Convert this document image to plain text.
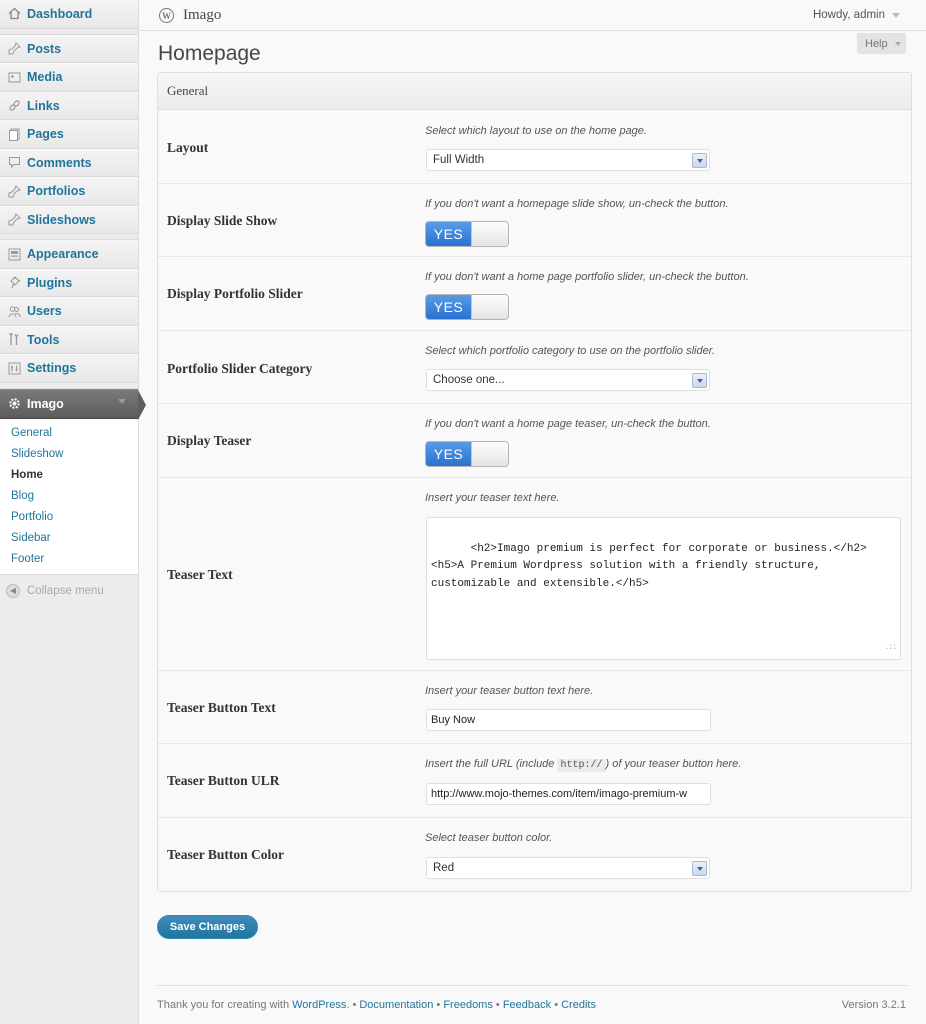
Dashboard
Posts
Media
Links
Pages
Comments
Portfolios
Slideshows
Appearance
Plugins
Users
Tools
Settings
Imago
General
Slideshow
Home
Blog
Portfolio
Sidebar
Footer
◀ Collapse menu
W Imago	Howdy, admin
Help
Homepage
General
Layout
Select which layout to use on the home page.
Full Width
Display Slide Show
If you don't want a homepage slide show, un-check the button.
YES
Display Portfolio Slider
If you don't want a home page portfolio slider, un-check the button.
YES
Portfolio Slider Category
Select which portfolio category to use on the portfolio slider.
Choose one...
Display Teaser
If you don't want a home page teaser, un-check the button.
YES
Teaser Text
Insert your teaser text here.

<h2>Imago premium is perfect for corporate or business.</h2>
<h5>A Premium Wordpress solution with a friendly structure,
customizable and extensible.</h5>

.::

Teaser Button Text
Insert your teaser button text here.
Buy Now
Teaser Button ULR
Insert the full URL (include http:// ) of your teaser button here.
http://www.mojo-themes.com/item/imago-premium-w
Teaser Button Color
Select teaser button color.
Red
Save Changes
Thank you for creating with WordPress. • Documentation • Freedoms • Feedback • Credits	Version 3.2.1
